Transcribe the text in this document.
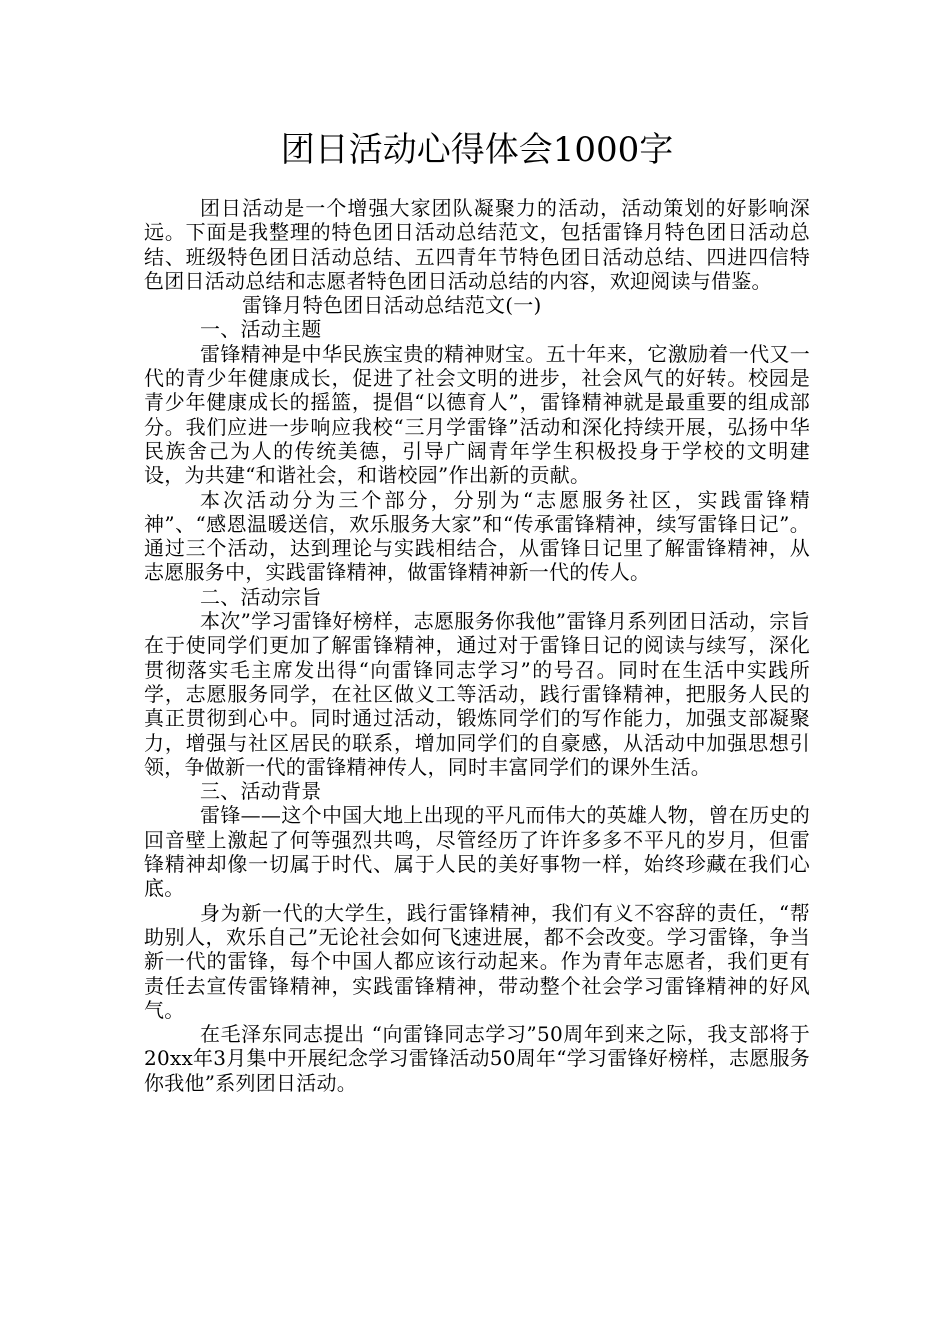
团日活动心得体会1000字

团日活动是一个增强大家团队凝聚力的活动，活动策划的好影响深远。下面是我整理的特色团日活动总结范文，包括雷锋月特色团日活动总结、班级特色团日活动总结、五四青年节特色团日活动总结、四进四信特色团日活动总结和志愿者特色团日活动总结的内容，欢迎阅读与借鉴。

雷锋月特色团日活动总结范文(一)

一、活动主题

雷锋精神是中华民族宝贵的精神财宝。五十年来，它激励着一代又一代的青少年健康成长，促进了社会文明的进步，社会风气的好转。校园是青少年健康成长的摇篮，提倡“以德育人”，雷锋精神就是最重要的组成部分。我们应进一步响应我校“三月学雷锋”活动和深化持续开展，弘扬中华民族舍己为人的传统美德，引导广阔青年学生积极投身于学校的文明建设，为共建“和谐社会，和谐校园”作出新的贡献。

本次活动分为三个部分，分别为“志愿服务社区，实践雷锋精神”、“感恩温暖送信，欢乐服务大家”和“传承雷锋精神，续写雷锋日记”。通过三个活动，达到理论与实践相结合，从雷锋日记里了解雷锋精神，从志愿服务中，实践雷锋精神，做雷锋精神新一代的传人。

二、活动宗旨

本次”学习雷锋好榜样，志愿服务你我他”雷锋月系列团日活动，宗旨在于使同学们更加了解雷锋精神，通过对于雷锋日记的阅读与续写，深化贯彻落实毛主席发出得“向雷锋同志学习”的号召。同时在生活中实践所学，志愿服务同学，在社区做义工等活动，践行雷锋精神，把服务人民的真正贯彻到心中。同时通过活动，锻炼同学们的写作能力，加强支部凝聚力，增强与社区居民的联系，增加同学们的自豪感，从活动中加强思想引领，争做新一代的雷锋精神传人，同时丰富同学们的课外生活。

三、活动背景

雷锋——这个中国大地上出现的平凡而伟大的英雄人物，曾在历史的回音壁上激起了何等强烈共鸣，尽管经历了许许多多不平凡的岁月，但雷锋精神却像一切属于时代、属于人民的美好事物一样，始终珍藏在我们心底。

身为新一代的大学生，践行雷锋精神，我们有义不容辞的责任，“帮助别人，欢乐自己”无论社会如何飞速进展，都不会改变。学习雷锋，争当新一代的雷锋，每个中国人都应该行动起来。作为青年志愿者，我们更有责任去宣传雷锋精神，实践雷锋精神，带动整个社会学习雷锋精神的好风气。

在毛泽东同志提出 “向雷锋同志学习”50周年到来之际，我支部将于20xx年3月集中开展纪念学习雷锋活动50周年“学习雷锋好榜样，志愿服务你我他”系列团日活动。
